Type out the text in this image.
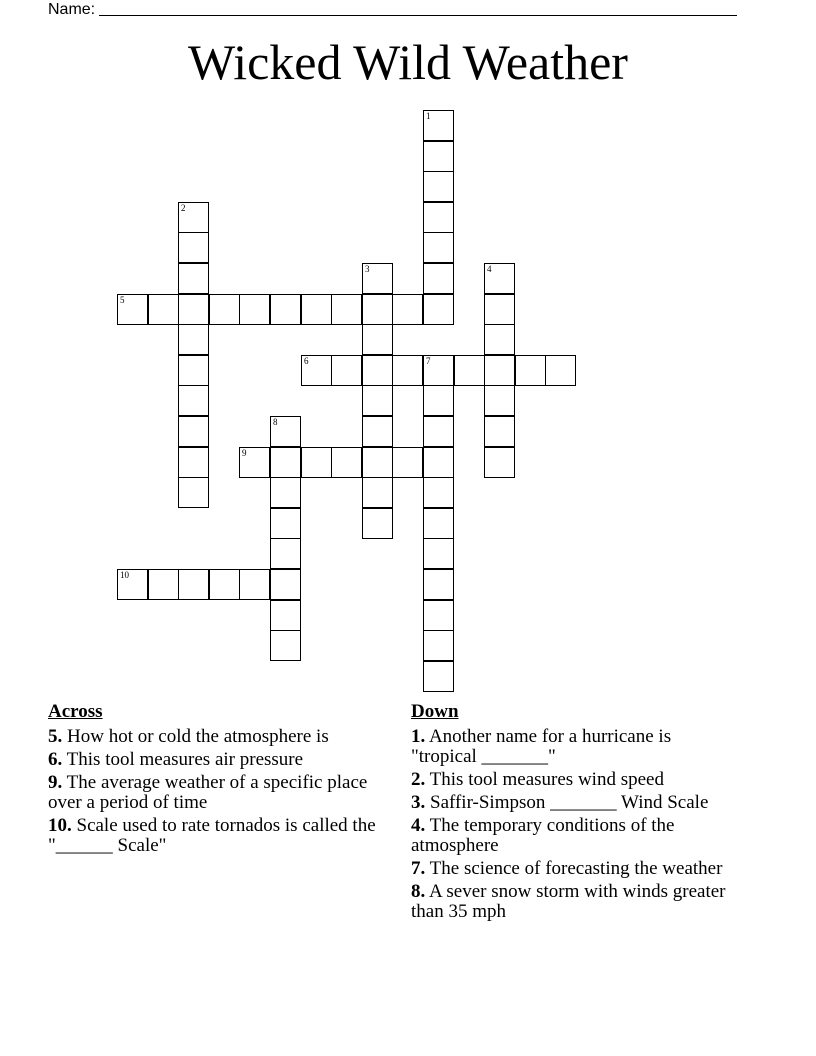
Name:
Wicked Wild Weather
1
2
3	4
5
6	7
8
9
10
Across
5. How hot or cold the atmosphere is
6. This tool measures air pressure
9. The average weather of a specific place over a period of time
10. Scale used to rate tornados is called the "______ Scale"
Down
1. Another name for a hurricane is "tropical _______"
2. This tool measures wind speed
3. Saffir-Simpson _______ Wind Scale
4. The temporary conditions of the atmosphere
7. The science of forecasting the weather
8. A sever snow storm with winds greater than 35 mph
